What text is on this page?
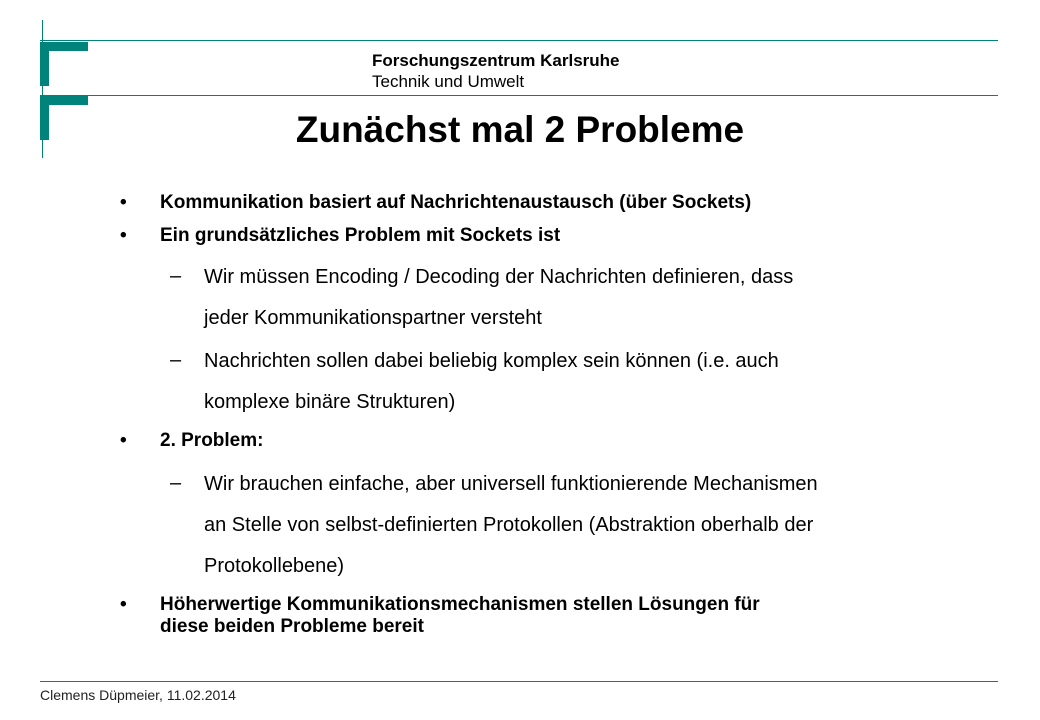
Forschungszentrum Karlsruhe
Technik und Umwelt
Zunächst mal 2 Probleme
• Kommunikation basiert auf Nachrichtenaustausch (über Sockets)
• Ein grundsätzliches Problem mit Sockets ist
– Wir müssen Encoding / Decoding der Nachrichten definieren, dass
jeder Kommunikationspartner versteht
– Nachrichten sollen dabei beliebig komplex sein können (i.e. auch
komplexe binäre Strukturen)
• 2. Problem:
– Wir brauchen einfache, aber universell funktionierende Mechanismen
an Stelle von selbst-definierten Protokollen (Abstraktion oberhalb der
Protokollebene)
• Höherwertige Kommunikationsmechanismen stellen Lösungen für
diese beiden Probleme bereit
Clemens Düpmeier, 11.02.2014
